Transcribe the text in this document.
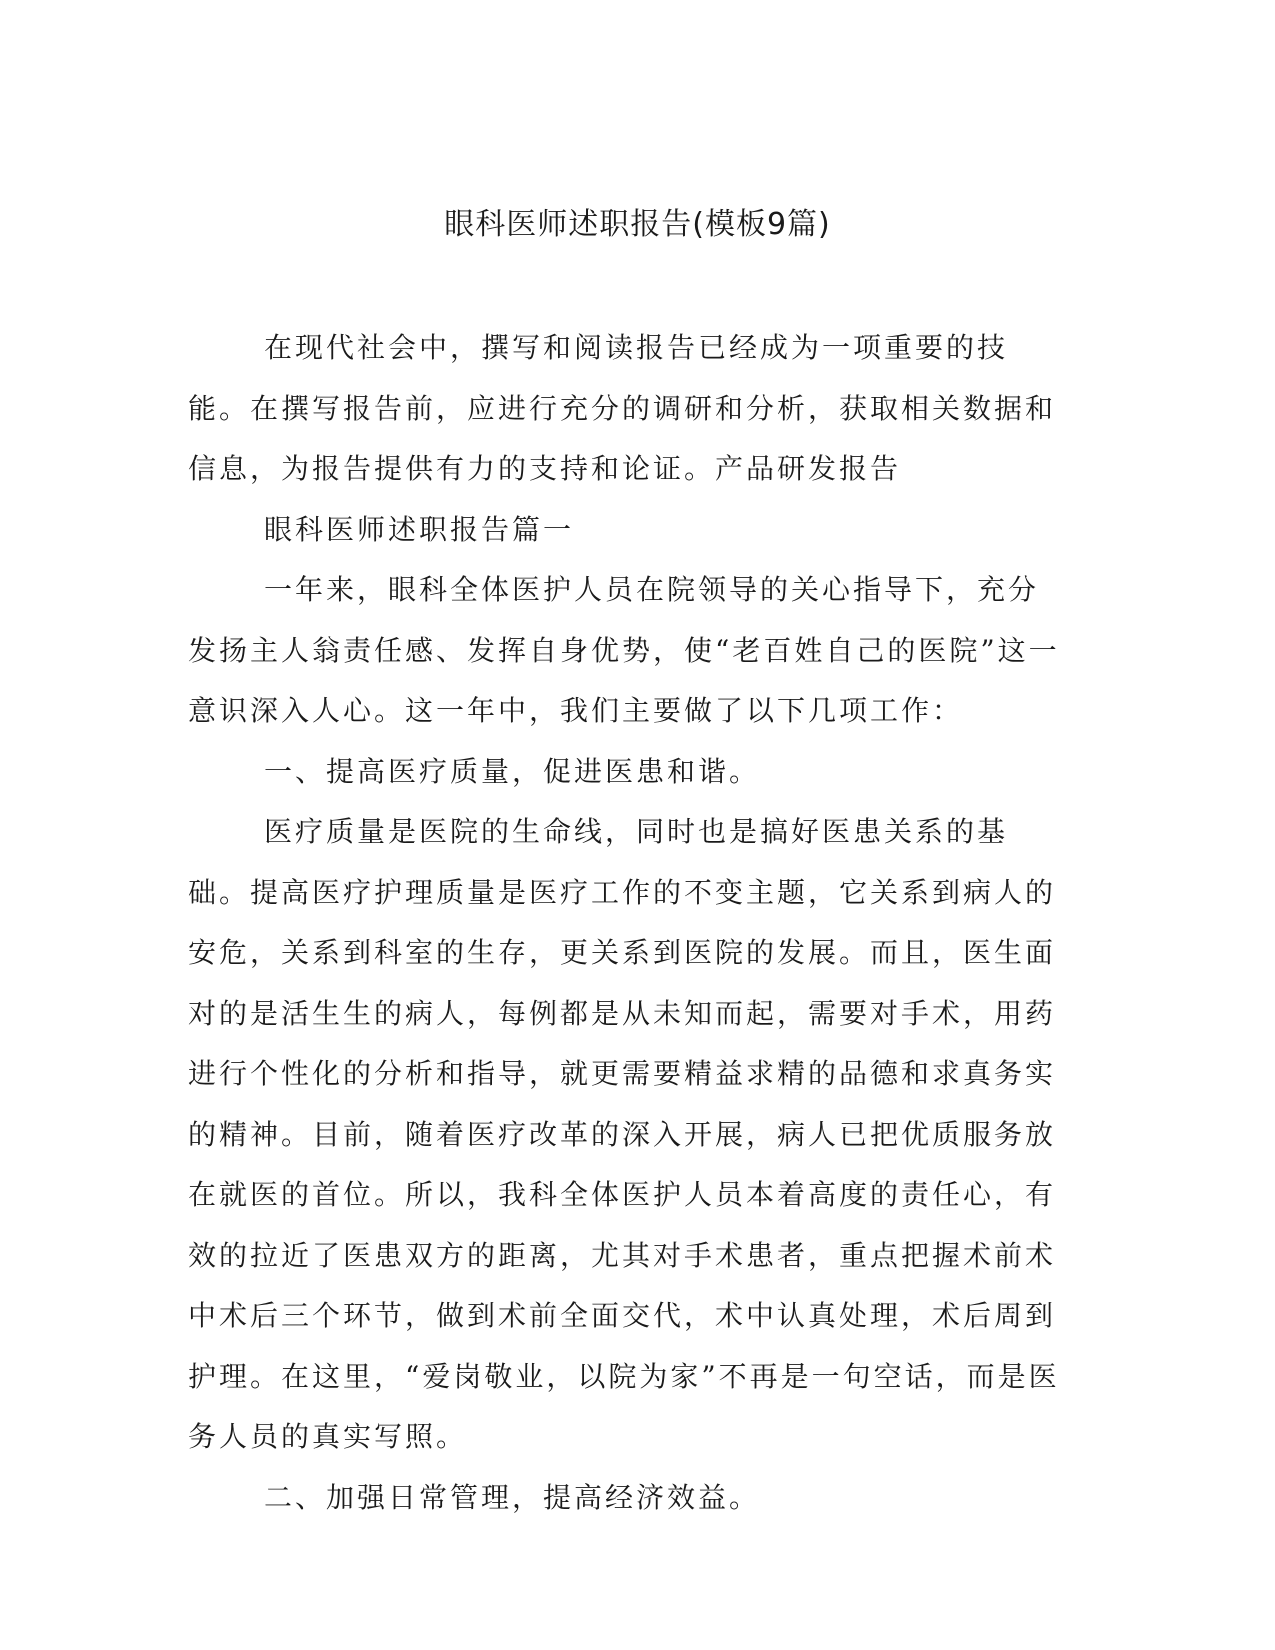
眼科医师述职报告(模板9篇)

在现代社会中，撰写和阅读报告已经成为一项重要的技能。在撰写报告前，应进行充分的调研和分析，获取相关数据和信息，为报告提供有力的支持和论证。产品研发报告

眼科医师述职报告篇一

一年来，眼科全体医护人员在院领导的关心指导下，充分发扬主人翁责任感、发挥自身优势，使“老百姓自己的医院”这一意识深入人心。这一年中，我们主要做了以下几项工作：

一、提高医疗质量，促进医患和谐。

医疗质量是医院的生命线，同时也是搞好医患关系的基础。提高医疗护理质量是医疗工作的不变主题，它关系到病人的安危，关系到科室的生存，更关系到医院的发展。而且，医生面对的是活生生的病人，每例都是从未知而起，需要对手术，用药进行个性化的分析和指导，就更需要精益求精的品德和求真务实的精神。目前，随着医疗改革的深入开展，病人已把优质服务放在就医的首位。所以，我科全体医护人员本着高度的责任心，有效的拉近了医患双方的距离，尤其对手术患者，重点把握术前术中术后三个环节，做到术前全面交代，术中认真处理，术后周到护理。在这里，“爱岗敬业，以院为家”不再是一句空话，而是医务人员的真实写照。

二、加强日常管理，提高经济效益。
